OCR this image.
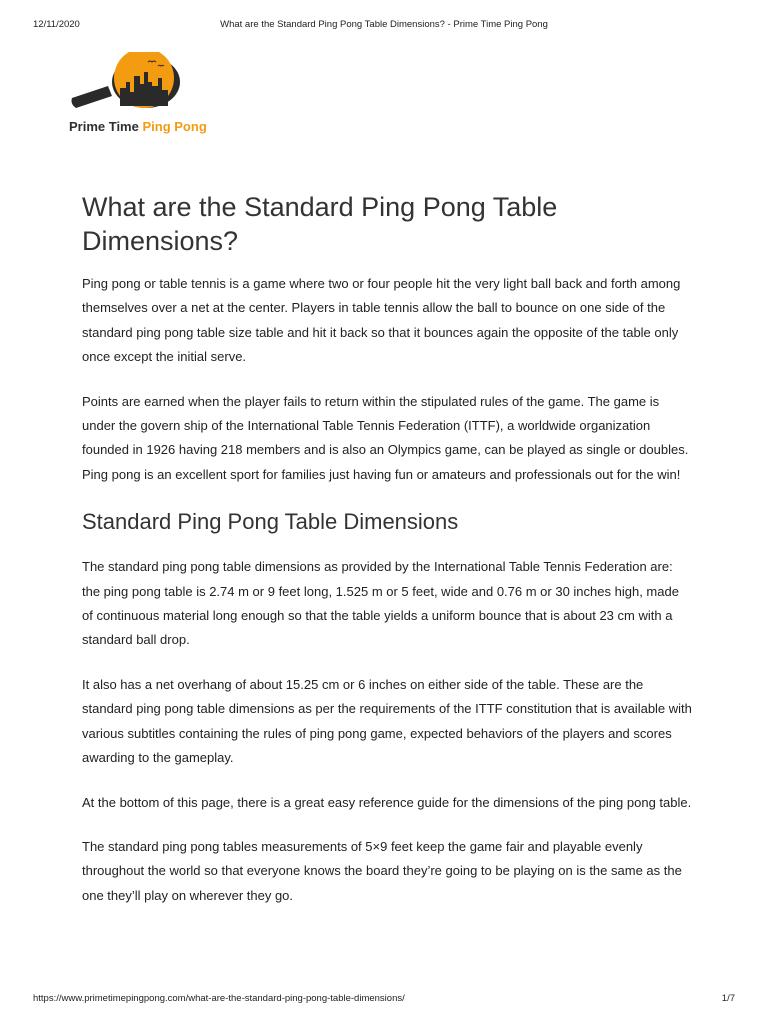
12/11/2020	What are the Standard Ping Pong Table Dimensions? - Prime Time Ping Pong
Prime Time Ping Pong
What are the Standard Ping Pong Table Dimensions?

Ping pong or table tennis is a game where two or four people hit the very light ball back and forth among themselves over a net at the center. Players in table tennis allow the ball to bounce on one side of the standard ping pong table size table and hit it back so that it bounces again the opposite of the table only once except the initial serve.

Points are earned when the player fails to return within the stipulated rules of the game. The game is under the govern ship of the International Table Tennis Federation (ITTF), a worldwide organization founded in 1926 having 218 members and is also an Olympics game, can be played as single or doubles. Ping pong is an excellent sport for families just having fun or amateurs and professionals out for the win!

Standard Ping Pong Table Dimensions

The standard ping pong table dimensions as provided by the International Table Tennis Federation are: the ping pong table is 2.74 m or 9 feet long, 1.525 m or 5 feet, wide and 0.76 m or 30 inches high, made of continuous material long enough so that the table yields a uniform bounce that is about 23 cm with a standard ball drop.

It also has a net overhang of about 15.25 cm or 6 inches on either side of the table. These are the standard ping pong table dimensions as per the requirements of the ITTF constitution that is available with various subtitles containing the rules of ping pong game, expected behaviors of the players and scores awarding to the gameplay.

At the bottom of this page, there is a great easy reference guide for the dimensions of the ping pong table.

The standard ping pong tables measurements of 5×9 feet keep the game fair and playable evenly throughout the world so that everyone knows the board they’re going to be playing on is the same as the one they’ll play on wherever they go.

https://www.primetimepingpong.com/what-are-the-standard-ping-pong-table-dimensions/	1/7
